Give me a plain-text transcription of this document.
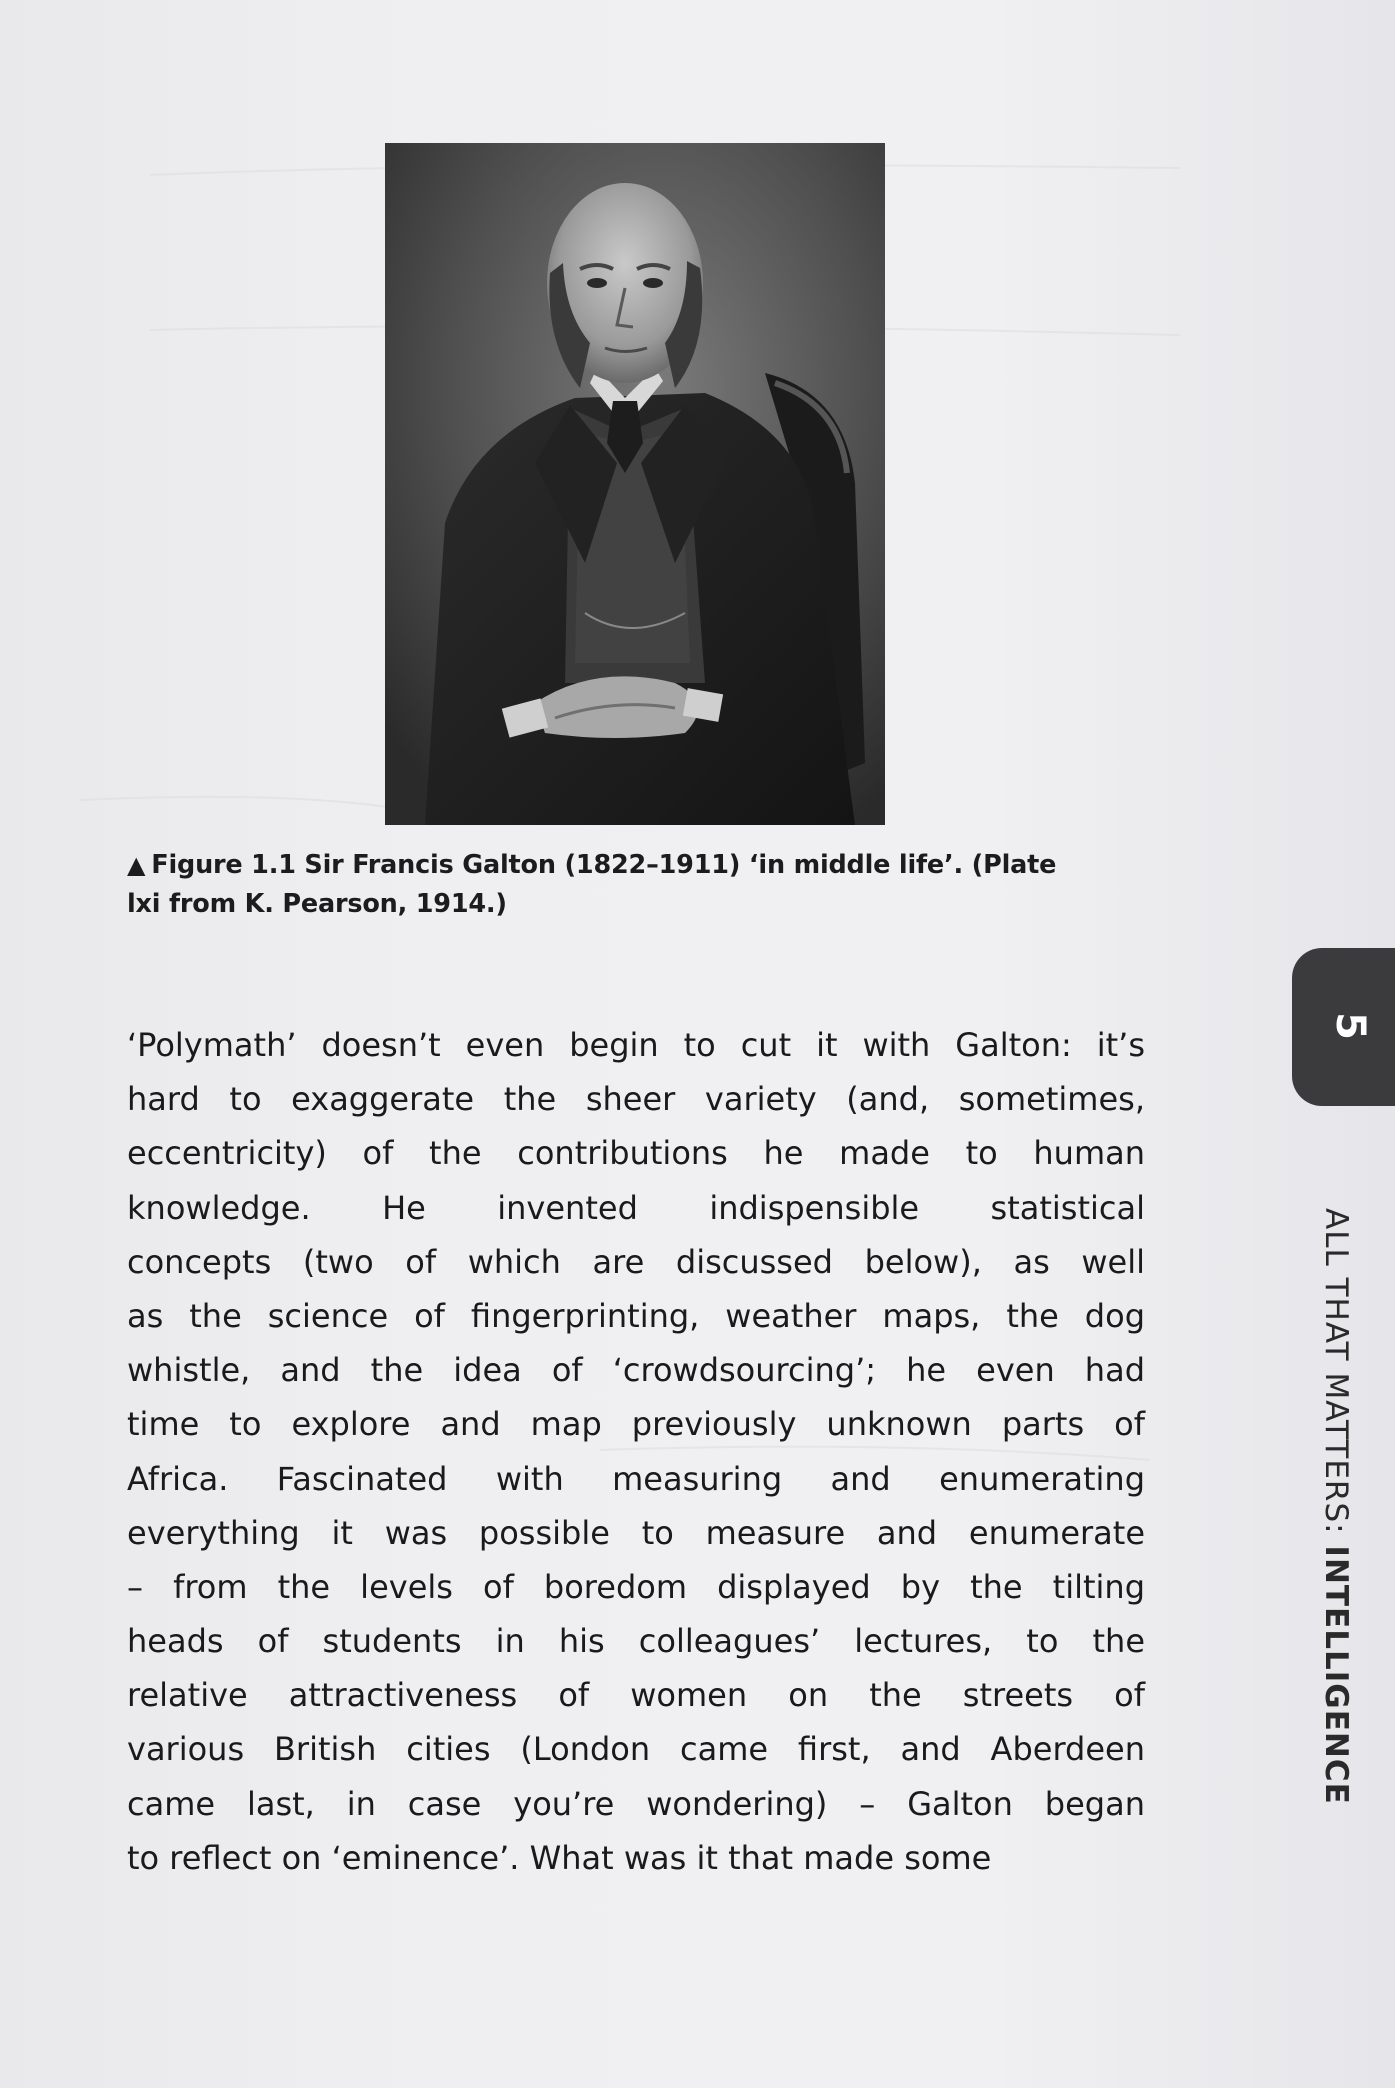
▲ Figure 1.1 Sir Francis Galton (1822–1911) ‘in middle life’. (Plate
lxi from K. Pearson, 1914.)
‘Polymath’ doesn’t even begin to cut it with Galton: it’s
hard to exaggerate the sheer variety (and, sometimes,
eccentricity) of the contributions he made to human
knowledge. He invented indispensible statistical
concepts (two of which are discussed below), as well
as the science of fingerprinting, weather maps, the dog
whistle, and the idea of ‘crowdsourcing’; he even had
time to explore and map previously unknown parts of
Africa. Fascinated with measuring and enumerating
everything it was possible to measure and enumerate
– from the levels of boredom displayed by the tilting
heads of students in his colleagues’ lectures, to the
relative attractiveness of women on the streets of
various British cities (London came first, and Aberdeen
came last, in case you’re wondering) – Galton began
to reflect on ‘eminence’. What was it that made some
5
ALL THAT MATTERS: INTELLIGENCE
